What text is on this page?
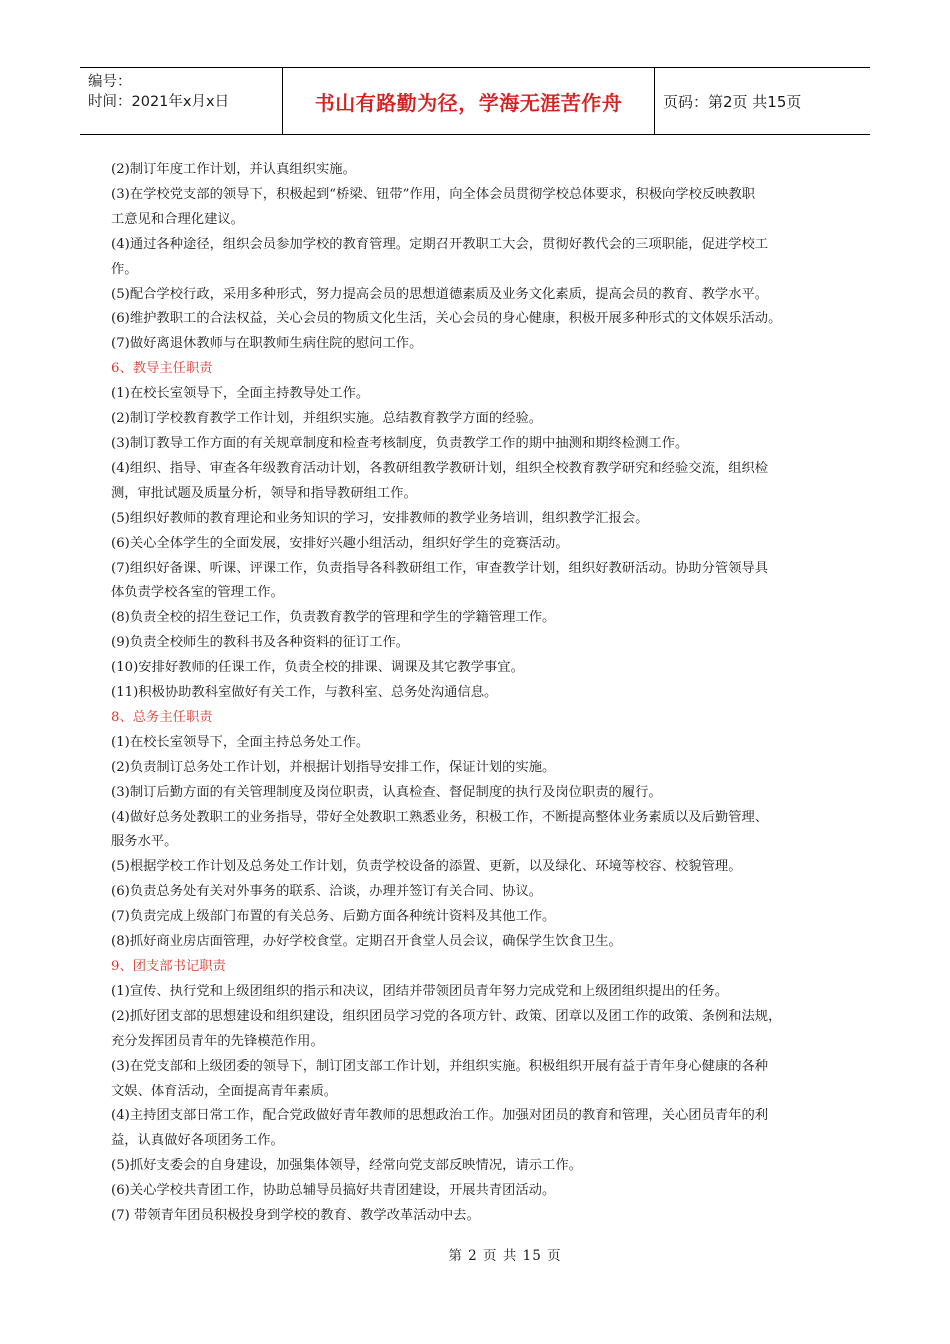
编号：
时间：2021年x月x日	书山有路勤为径，学海无涯苦作舟	页码：第2页 共15页

(2)制订年度工作计划，并认真组织实施。

(3)在学校党支部的领导下，积极起到“桥梁、钮带”作用，向全体会员贯彻学校总体要求，积极向学校反映教职

工意见和合理化建议。

(4)通过各种途径，组织会员参加学校的教育管理。定期召开教职工大会，贯彻好教代会的三项职能，促进学校工

作。

(5)配合学校行政，采用多种形式，努力提高会员的思想道德素质及业务文化素质，提高会员的教育、教学水平。

(6)维护教职工的合法权益，关心会员的物质文化生活，关心会员的身心健康，积极开展多种形式的文体娱乐活动。

(7)做好离退休教师与在职教师生病住院的慰问工作。

6、教导主任职责

(1)在校长室领导下，全面主持教导处工作。

(2)制订学校教育教学工作计划，并组织实施。总结教育教学方面的经验。

(3)制订教导工作方面的有关规章制度和检查考核制度，负责教学工作的期中抽测和期终检测工作。

(4)组织、指导、审查各年级教育活动计划，各教研组教学教研计划，组织全校教育教学研究和经验交流，组织检

测，审批试题及质量分析，领导和指导教研组工作。

(5)组织好教师的教育理论和业务知识的学习，安排教师的教学业务培训，组织教学汇报会。

(6)关心全体学生的全面发展，安排好兴趣小组活动，组织好学生的竞赛活动。

(7)组织好备课、听课、评课工作，负责指导各科教研组工作，审查教学计划，组织好教研活动。协助分管领导具

体负责学校各室的管理工作。

(8)负责全校的招生登记工作，负责教育教学的管理和学生的学籍管理工作。

(9)负责全校师生的教科书及各种资料的征订工作。

(10)安排好教师的任课工作，负责全校的排课、调课及其它教学事宜。

(11)积极协助教科室做好有关工作，与教科室、总务处沟通信息。

8、总务主任职责

(1)在校长室领导下，全面主持总务处工作。

(2)负责制订总务处工作计划，并根据计划指导安排工作，保证计划的实施。

(3)制订后勤方面的有关管理制度及岗位职责，认真检查、督促制度的执行及岗位职责的履行。

(4)做好总务处教职工的业务指导，带好全处教职工熟悉业务，积极工作，不断提高整体业务素质以及后勤管理、

服务水平。

(5)根据学校工作计划及总务处工作计划，负责学校设备的添置、更新，以及绿化、环境等校容、校貌管理。

(6)负责总务处有关对外事务的联系、洽谈，办理并签订有关合同、协议。

(7)负责完成上级部门布置的有关总务、后勤方面各种统计资料及其他工作。

(8)抓好商业房店面管理，办好学校食堂。定期召开食堂人员会议，确保学生饮食卫生。

9、团支部书记职责

(1)宣传、执行党和上级团组织的指示和决议，团结并带领团员青年努力完成党和上级团组织提出的任务。

(2)抓好团支部的思想建设和组织建设，组织团员学习党的各项方针、政策、团章以及团工作的政策、条例和法规，

充分发挥团员青年的先锋模范作用。

(3)在党支部和上级团委的领导下，制订团支部工作计划，并组织实施。积极组织开展有益于青年身心健康的各种

文娱、体育活动，全面提高青年素质。

(4)主持团支部日常工作，配合党政做好青年教师的思想政治工作。加强对团员的教育和管理，关心团员青年的利

益，认真做好各项团务工作。

(5)抓好支委会的自身建设，加强集体领导，经常向党支部反映情况，请示工作。

(6)关心学校共青团工作，协助总辅导员搞好共青团建设，开展共青团活动。

(7) 带领青年团员积极投身到学校的教育、教学改革活动中去。

第 2 页 共 15 页
